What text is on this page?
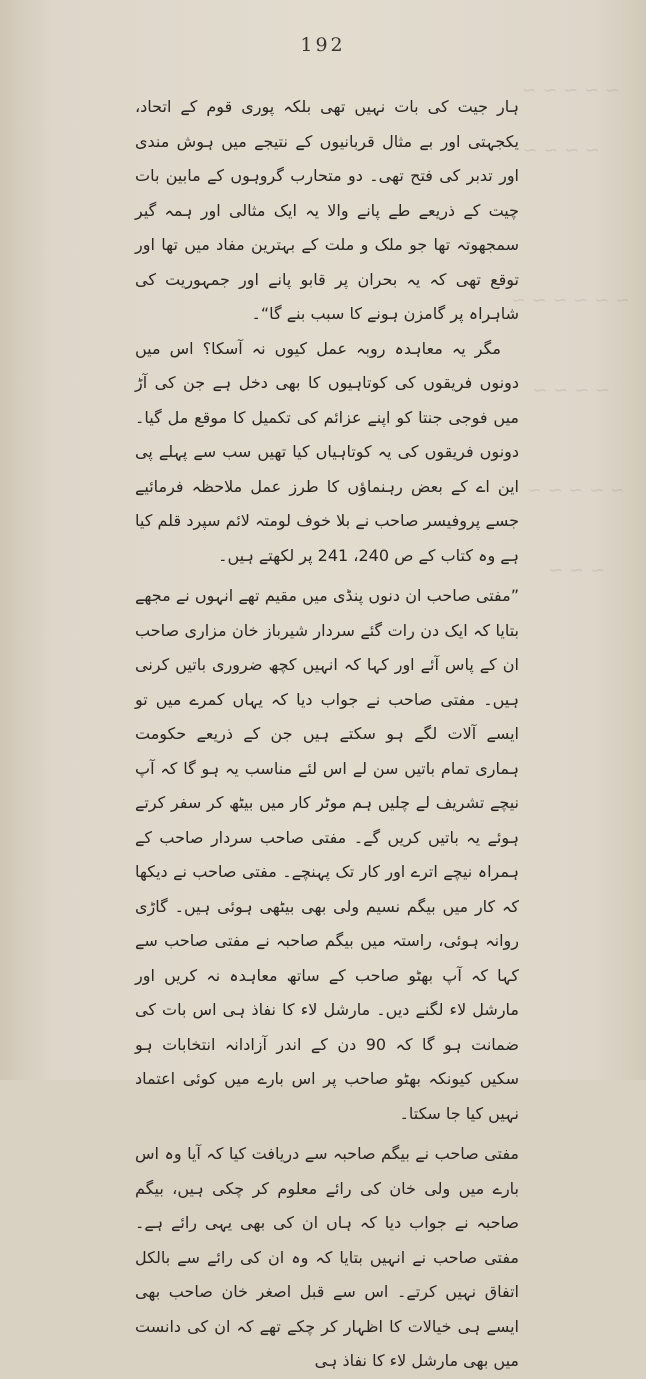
~ ~ ~ ~ ~
~ ~ ~ ~
~ ~ ~ ~ ~ ~
~ ~ ~ ~
~ ~ ~ ~ ~
~ ~ ~
192

ہار جیت کی بات نہیں تھی بلکہ پوری قوم کے اتحاد، یکجہتی اور بے مثال قربانیوں کے نتیجے میں ہوش مندی اور تدبر کی فتح تھی۔ دو متحارب گروہوں کے مابین بات چیت کے ذریعے طے پانے والا یہ ایک مثالی اور ہمہ گیر سمجھوتہ تھا جو ملک و ملت کے بہترین مفاد میں تھا اور توقع تھی کہ یہ بحران پر قابو پانے اور جمہوریت کی شاہراہ پر گامزن ہونے کا سبب بنے گا“۔

مگر یہ معاہدہ روبہ عمل کیوں نہ آسکا؟ اس میں دونوں فریقوں کی کوتاہیوں کا بھی دخل ہے جن کی آڑ میں فوجی جنتا کو اپنے عزائم کی تکمیل کا موقع مل گیا۔ دونوں فریقوں کی یہ کوتاہیاں کیا تھیں سب سے پہلے پی این اے کے بعض رہنماؤں کا طرز عمل ملاحظہ فرمائیے جسے پروفیسر صاحب نے بلا خوف لومتہ لائم سپرد قلم کیا ہے وہ کتاب کے ص 240، 241 پر لکھتے ہیں۔

”مفتی صاحب ان دنوں پنڈی میں مقیم تھے انہوں نے مجھے بتایا کہ ایک دن رات گئے سردار شیرباز خان مزاری صاحب ان کے پاس آئے اور کہا کہ انہیں کچھ ضروری باتیں کرنی ہیں۔ مفتی صاحب نے جواب دیا کہ یہاں کمرے میں تو ایسے آلات لگے ہو سکتے ہیں جن کے ذریعے حکومت ہماری تمام باتیں سن لے اس لئے مناسب یہ ہو گا کہ آپ نیچے تشریف لے چلیں ہم موٹر کار میں بیٹھ کر سفر کرتے ہوئے یہ باتیں کریں گے۔ مفتی صاحب سردار صاحب کے ہمراہ نیچے اترے اور کار تک پہنچے۔ مفتی صاحب نے دیکھا کہ کار میں بیگم نسیم ولی بھی بیٹھی ہوئی ہیں۔ گاڑی روانہ ہوئی، راستہ میں بیگم صاحبہ نے مفتی صاحب سے کہا کہ آپ بھٹو صاحب کے ساتھ معاہدہ نہ کریں اور مارشل لاء لگنے دیں۔ مارشل لاء کا نفاذ ہی اس بات کی ضمانت ہو گا کہ 90 دن کے اندر آزادانہ انتخابات ہو سکیں کیونکہ بھٹو صاحب پر اس بارے میں کوئی اعتماد نہیں کیا جا سکتا۔

مفتی صاحب نے بیگم صاحبہ سے دریافت کیا کہ آیا وہ اس بارے میں ولی خان کی رائے معلوم کر چکی ہیں، بیگم صاحبہ نے جواب دیا کہ ہاں ان کی بھی یہی رائے ہے۔ مفتی صاحب نے انہیں بتایا کہ وہ ان کی رائے سے بالکل اتفاق نہیں کرتے۔ اس سے قبل اصغر خان صاحب بھی ایسے ہی خیالات کا اظہار کر چکے تھے کہ ان کی دانست میں بھی مارشل لاء کا نفاذ ہی
